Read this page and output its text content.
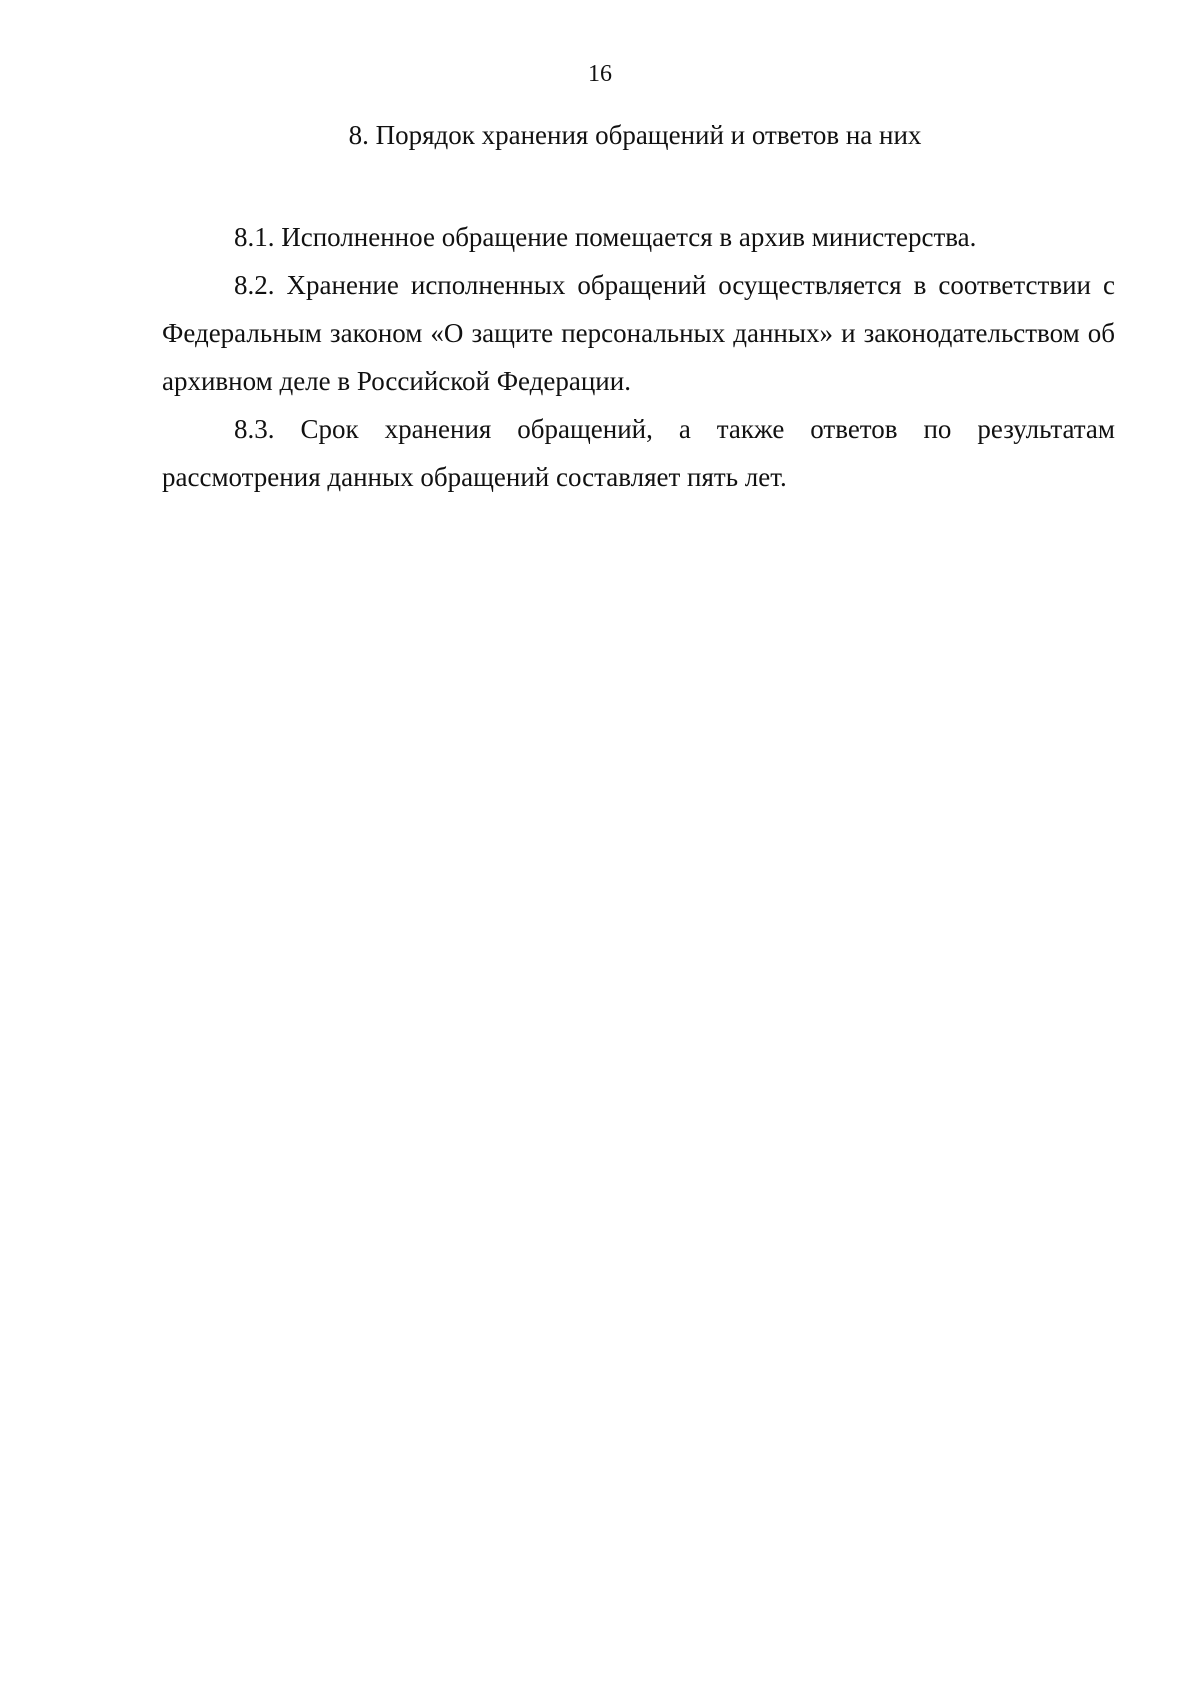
16
8. Порядок хранения обращений и ответов на них

8.1. Исполненное обращение помещается в архив министерства.

8.2. Хранение исполненных обращений осуществляется в соответствии с Федеральным законом «О защите персональных данных» и законодательством об архивном деле в Российской Федерации.

8.3. Срок хранения обращений, а также ответов по результатам рассмотрения данных обращений составляет пять лет.
